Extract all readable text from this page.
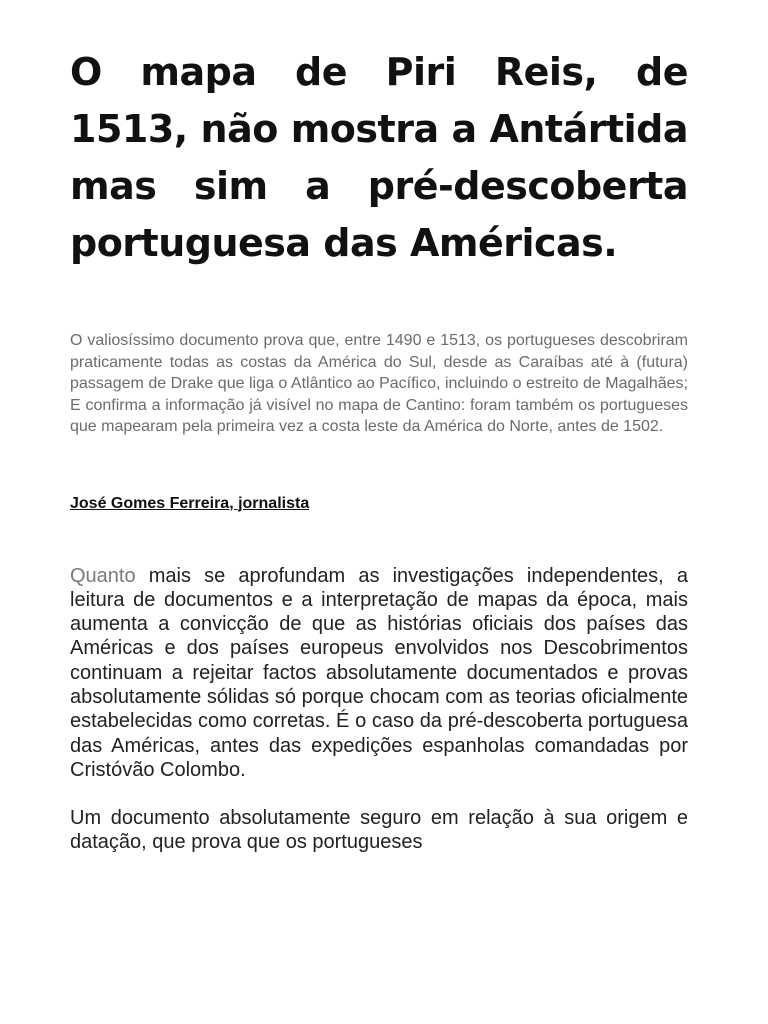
O mapa de Piri Reis, de 1513, não mostra a Antártida mas sim a pré-descoberta portuguesa das Américas.

O valiosíssimo documento prova que, entre 1490 e 1513, os portugueses descobriram praticamente todas as costas da América do Sul, desde as Caraíbas até à (futura) passagem de Drake que liga o Atlântico ao Pacífico, incluindo o estreito de Magalhães; E confirma a informação já visível no mapa de Cantino: foram também os portugueses que mapearam pela primeira vez a costa leste da América do Norte, antes de 1502.

José Gomes Ferreira, jornalista

Quanto mais se aprofundam as investigações independentes, a leitura de documentos e a interpretação de mapas da época, mais aumenta a convicção de que as histórias oficiais dos países das Américas e dos países europeus envolvidos nos Descobrimentos continuam a rejeitar factos absolutamente documentados e provas absolutamente sólidas só porque chocam com as teorias oficialmente estabelecidas como corretas. É o caso da pré-descoberta portuguesa das Américas, antes das expedições espanholas comandadas por Cristóvão Colombo.

Um documento absolutamente seguro em relação à sua origem e datação, que prova que os portugueses
